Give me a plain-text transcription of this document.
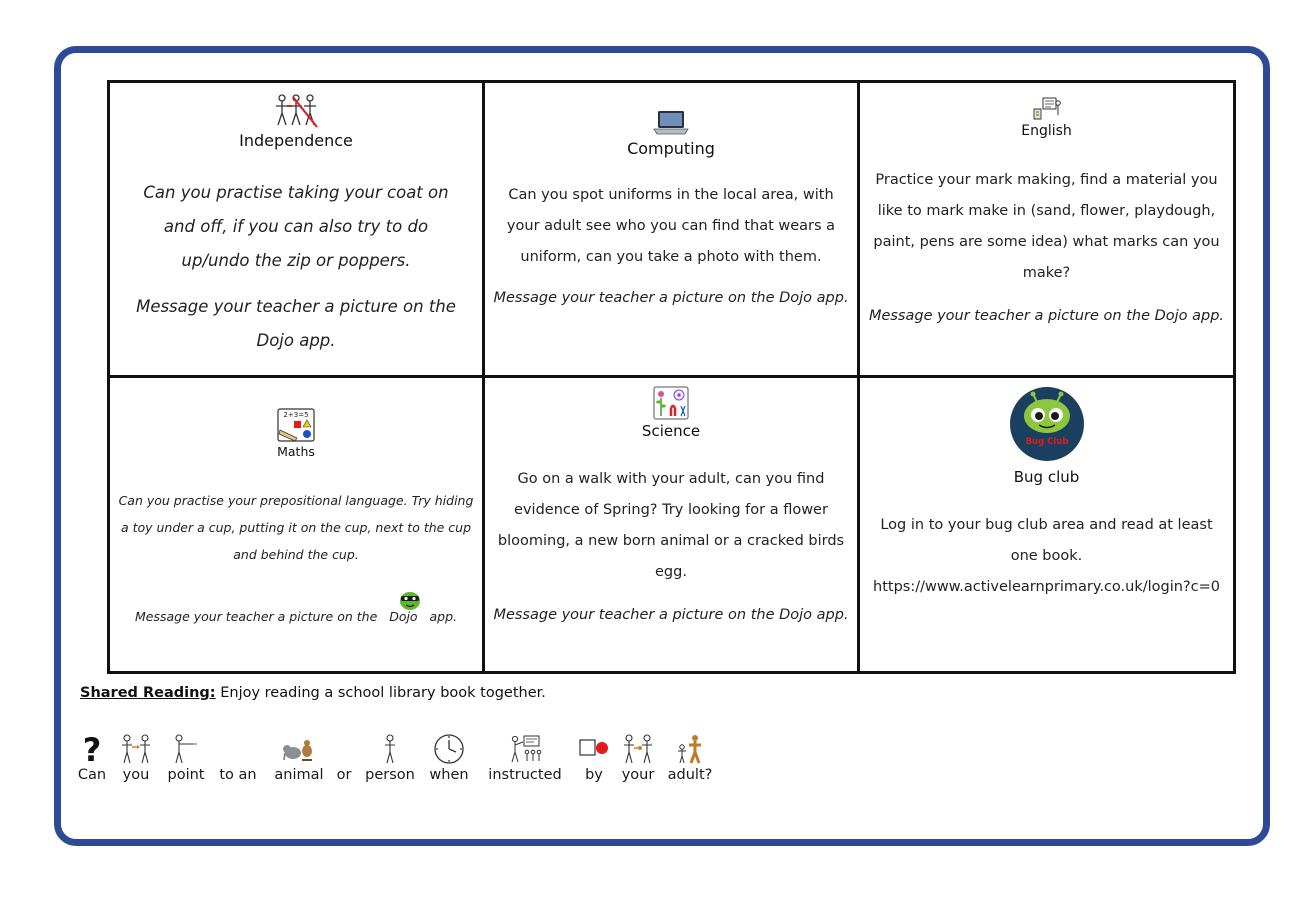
Independence
Can you practise taking your coat on
and off, if you can also try to do
up/undo the zip or poppers.
Message your teacher a picture on the
Dojo app.
Computing
Can you spot uniforms in the local area, with your adult see who you can find that wears a uniform, can you take a photo with them.
Message your teacher a picture on the Dojo app.
English
Practice your mark making, find a material you like to mark make in (sand, flower, playdough, paint, pens are some idea) what marks can you make?
Message your teacher a picture on the Dojo app.
2+3=5
Maths
Can you practise your prepositional language. Try hiding a toy under a cup, putting it on the cup, next to the cup and behind the cup.
Message your teacher a picture on the Dojo app.
Science
Go on a walk with your adult, can you find evidence of Spring? Try looking for a flower blooming, a new born animal or a cracked birds egg.
Message your teacher a picture on the Dojo app.
Bug Club
Bug club
Log in to your bug club area and read at least one book.
https://www.activelearnprimary.co.uk/login?c=0
Shared Reading: Enjoy reading a school library book together.
?
Can	you	point	to an	animal or person when	instructed	by	your adult?
